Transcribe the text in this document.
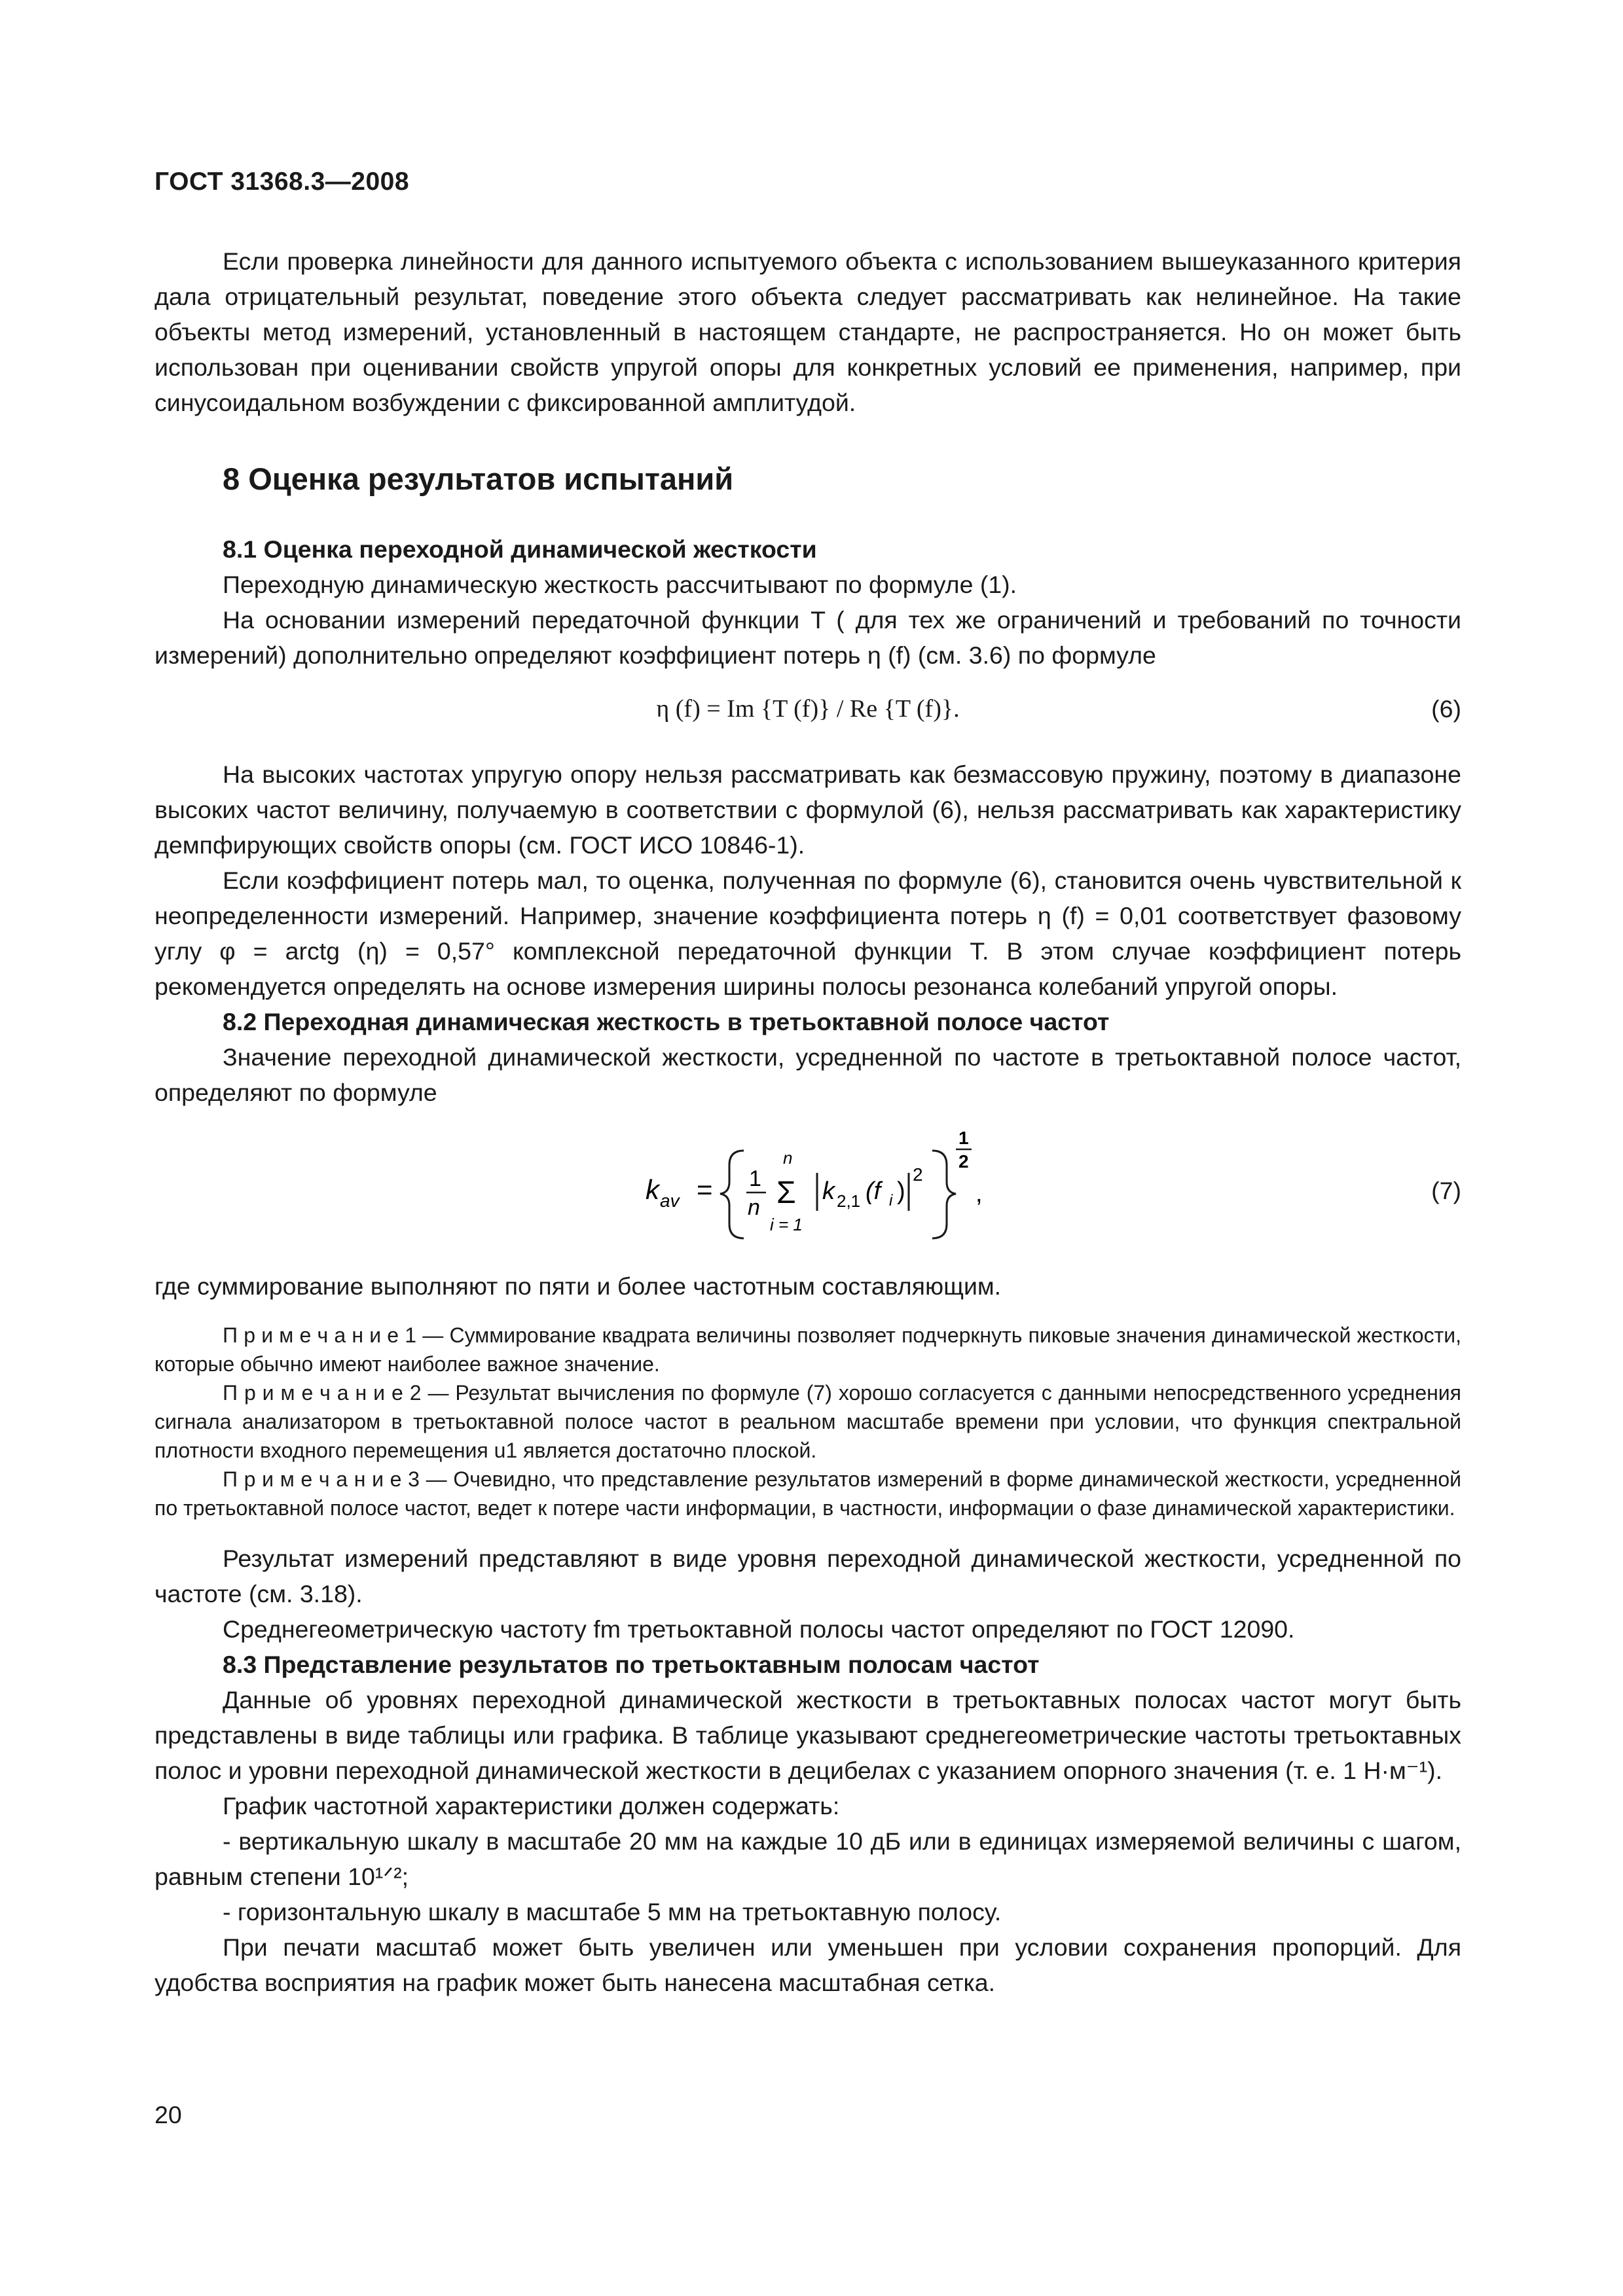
ГОСТ 31368.3—2008

Если проверка линейности для данного испытуемого объекта с использованием вышеуказанного критерия дала отрицательный результат, поведение этого объекта следует рассматривать как нелинейное. На такие объекты метод измерений, установленный в настоящем стандарте, не распространяется. Но он может быть использован при оценивании свойств упругой опоры для конкретных условий ее применения, например, при синусоидальном возбуждении с фиксированной амплитудой.

8 Оценка результатов испытаний
8.1 Оценка переходной динамической жесткости

Переходную динамическую жесткость рассчитывают по формуле (1).

На основании измерений передаточной функции T ( для тех же ограничений и требований по точности измерений) дополнительно определяют коэффициент потерь η (f) (см. 3.6) по формуле

η (f) = Im {T (f)} / Re {T (f)}.	(6)

На высоких частотах упругую опору нельзя рассматривать как безмассовую пружину, поэтому в диапазоне высоких частот величину, получаемую в соответствии с формулой (6), нельзя рассматривать как характеристику демпфирующих свойств опоры (см. ГОСТ ИСО 10846-1).

Если коэффициент потерь мал, то оценка, полученная по формуле (6), становится очень чувствительной к неопределенности измерений. Например, значение коэффициента потерь η (f) = 0,01 соответствует фазовому углу φ = arctg (η) = 0,57° комплексной передаточной функции T. В этом случае коэффициент потерь рекомендуется определять на основе измерения ширины полосы резонанса колебаний упругой опоры.

8.2 Переходная динамическая жесткость в третьоктавной полосе частот

Значение переходной динамической жесткости, усредненной по частоте в третьоктавной полосе частот, определяют по формуле

k av = 1
n
n
Σ
i = 1
k 2,1 (f i )
2
1
2
,	(7)

где суммирование выполняют по пяти и более частотным составляющим.

П р и м е ч а н и е 1 — Суммирование квадрата величины позволяет подчеркнуть пиковые значения динамической жесткости, которые обычно имеют наиболее важное значение.

П р и м е ч а н и е 2 — Результат вычисления по формуле (7) хорошо согласуется с данными непосредственного усреднения сигнала анализатором в третьоктавной полосе частот в реальном масштабе времени при условии, что функция спектральной плотности входного перемещения u1 является достаточно плоской.

П р и м е ч а н и е 3 — Очевидно, что представление результатов измерений в форме динамической жесткости, усредненной по третьоктавной полосе частот, ведет к потере части информации, в частности, информации о фазе динамической характеристики.

Результат измерений представляют в виде уровня переходной динамической жесткости, усредненной по частоте (см. 3.18).

Среднегеометрическую частоту fm третьоктавной полосы частот определяют по ГОСТ 12090.

8.3 Представление результатов по третьоктавным полосам частот

Данные об уровнях переходной динамической жесткости в третьоктавных полосах частот могут быть представлены в виде таблицы или графика. В таблице указывают среднегеометрические частоты третьоктавных полос и уровни переходной динамической жесткости в децибелах с указанием опорного значения (т. е. 1 Н·м⁻¹).

График частотной характеристики должен содержать:

- вертикальную шкалу в масштабе 20 мм на каждые 10 дБ или в единицах измеряемой величины с шагом, равным степени 10¹ᐟ²;

- горизонтальную шкалу в масштабе 5 мм на третьоктавную полосу.

При печати масштаб может быть увеличен или уменьшен при условии сохранения пропорций. Для удобства восприятия на график может быть нанесена масштабная сетка.

20
